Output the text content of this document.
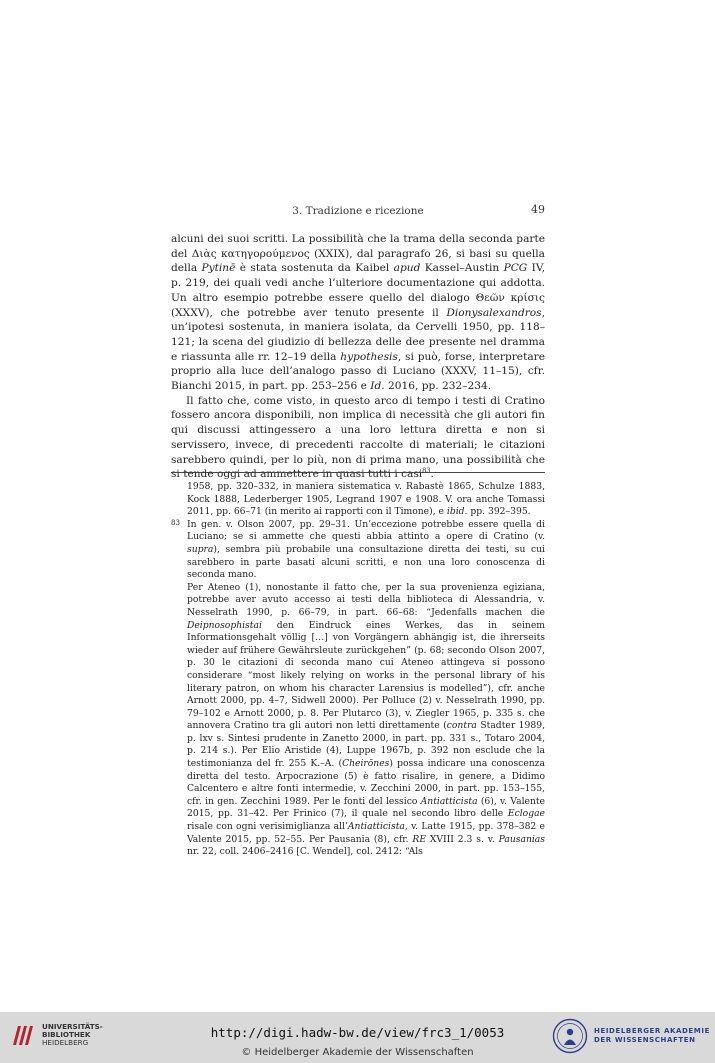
3. Tradizione e ricezione	49

alcuni dei suoi scritti. La possibilità che la trama della seconda parte del Διὰς κατηγορούμενος (XXIX), dal paragrafo 26, si basi su quella della Pytinē è stata sostenuta da Kaibel apud Kassel–Austin PCG IV, p. 219, dei quali vedi anche l’ulteriore documentazione qui addotta. Un altro esempio potrebbe essere quello del dialogo Θεῶν κρίσις (XXXV), che potrebbe aver tenuto presente il Dionysalexandros, un’ipotesi sostenuta, in maniera isolata, da Cervelli 1950, pp. 118–121; la scena del giudizio di bellezza delle dee presente nel dramma e riassunta alle rr. 12–19 della hypothesis, si può, forse, interpretare proprio alla luce dell’analogo passo di Luciano (XXXV, 11–15), cfr. Bianchi 2015, in part. pp. 253–256 e Id. 2016, pp. 232–234.

Il fatto che, come visto, in questo arco di tempo i testi di Cratino fossero ancora disponibili, non implica di necessità che gli autori fin qui discussi attingessero a una loro lettura diretta e non si servissero, invece, di precedenti raccolte di materiali; le citazioni sarebbero quindi, per lo più, non di prima mano, una possibilità che si tende oggi ad ammettere in quasi tutti i casi$^{83}$.

1958, pp. 320–332, in maniera sistematica v. Rabastè 1865, Schulze 1883, Kock 1888, Lederberger 1905, Legrand 1907 e 1908. V. ora anche Tomassi 2011, pp. 66–71 (in merito ai rapporti con il Timone), e ibid. pp. 392–395.

83 In gen. v. Olson 2007, pp. 29–31. Un’eccezione potrebbe essere quella di Luciano; se si ammette che questi abbia attinto a opere di Cratino (v. supra), sembra più probabile una consultazione diretta dei testi, su cui sarebbero in parte basati alcuni scritti, e non una loro conoscenza di seconda mano.

Per Ateneo (1), nonostante il fatto che, per la sua provenienza egiziana, potrebbe aver avuto accesso ai testi della biblioteca di Alessandria, v. Nesselrath 1990, p. 66–79, in part. 66–68: “Jedenfalls machen die Deipnosophistai den Eindruck eines Werkes, das in seinem Informationsgehalt völlig […] von Vorgängern abhängig ist, die ihrerseits wieder auf frühere Gewährsleute zurückgehen” (p. 68; secondo Olson 2007, p. 30 le citazioni di seconda mano cui Ateneo attingeva si possono considerare “most likely relying on works in the personal library of his literary patron, on whom his character Larensius is modelled”), cfr. anche Arnott 2000, pp. 4–7, Sidwell 2000). Per Polluce (2) v. Nesselrath 1990, pp. 79–102 e Arnott 2000, p. 8. Per Plutarco (3), v. Ziegler 1965, p. 335 s. che annovera Cratino tra gli autori non letti direttamente (contra Stadter 1989, p. lxv s. Sintesi prudente in Zanetto 2000, in part. pp. 331 s., Totaro 2004, p. 214 s.). Per Elio Aristide (4), Luppe 1967b, p. 392 non esclude che la testimonianza del fr. 255 K.–A. (Cheirōnes) possa indicare una conoscenza diretta del testo. Arpocrazione (5) è fatto risalire, in genere, a Didimo Calcentero e altre fonti intermedie, v. Zecchini 2000, in part. pp. 153–155, cfr. in gen. Zecchini 1989. Per le fonti del lessico Antiatticista (6), v. Valente 2015, pp. 31–42. Per Frinico (7), il quale nel secondo libro delle Eclogae risale con ogni verisimiglianza all’Antiatticista, v. Latte 1915, pp. 378–382 e Valente 2015, pp. 52–55. Per Pausania (8), cfr. RE XVIII 2.3 s. v. Pausanias nr. 22, coll. 2406–2416 [C. Wendel], col. 2412: “Als

UNIVERSITÄTS-
BIBLIOTHEK
HEIDELBERG
http://digi.hadw-bw.de/view/frc3_1/0053
© Heidelberger Akademie der Wissenschaften
HEIDELBERGER AKADEMIE
DER WISSENSCHAFTEN
